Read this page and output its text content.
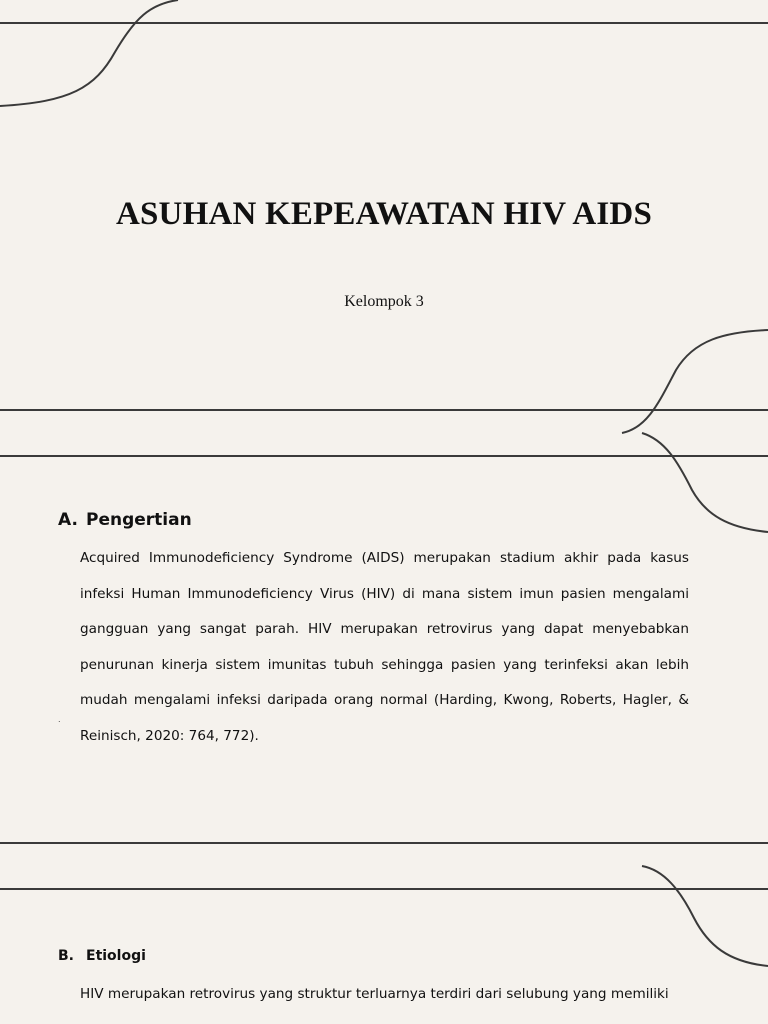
ASUHAN KEPEAWATAN HIV AIDS
Kelompok 3
A. Pengertian

Acquired Immunodeficiency Syndrome (AIDS) merupakan stadium akhir pada kasus infeksi Human Immunodeficiency Virus (HIV) di mana sistem imun pasien mengalami gangguan yang sangat parah. HIV merupakan retrovirus yang dapat menyebabkan penurunan kinerja sistem imunitas tubuh sehingga pasien yang terinfeksi akan lebih mudah mengalami infeksi daripada orang normal (Harding, Kwong, Roberts, Hagler, & Reinisch, 2020: 764, 772).

.
B. Etiologi

HIV merupakan retrovirus yang struktur terluarnya terdiri dari selubung yang memiliki
